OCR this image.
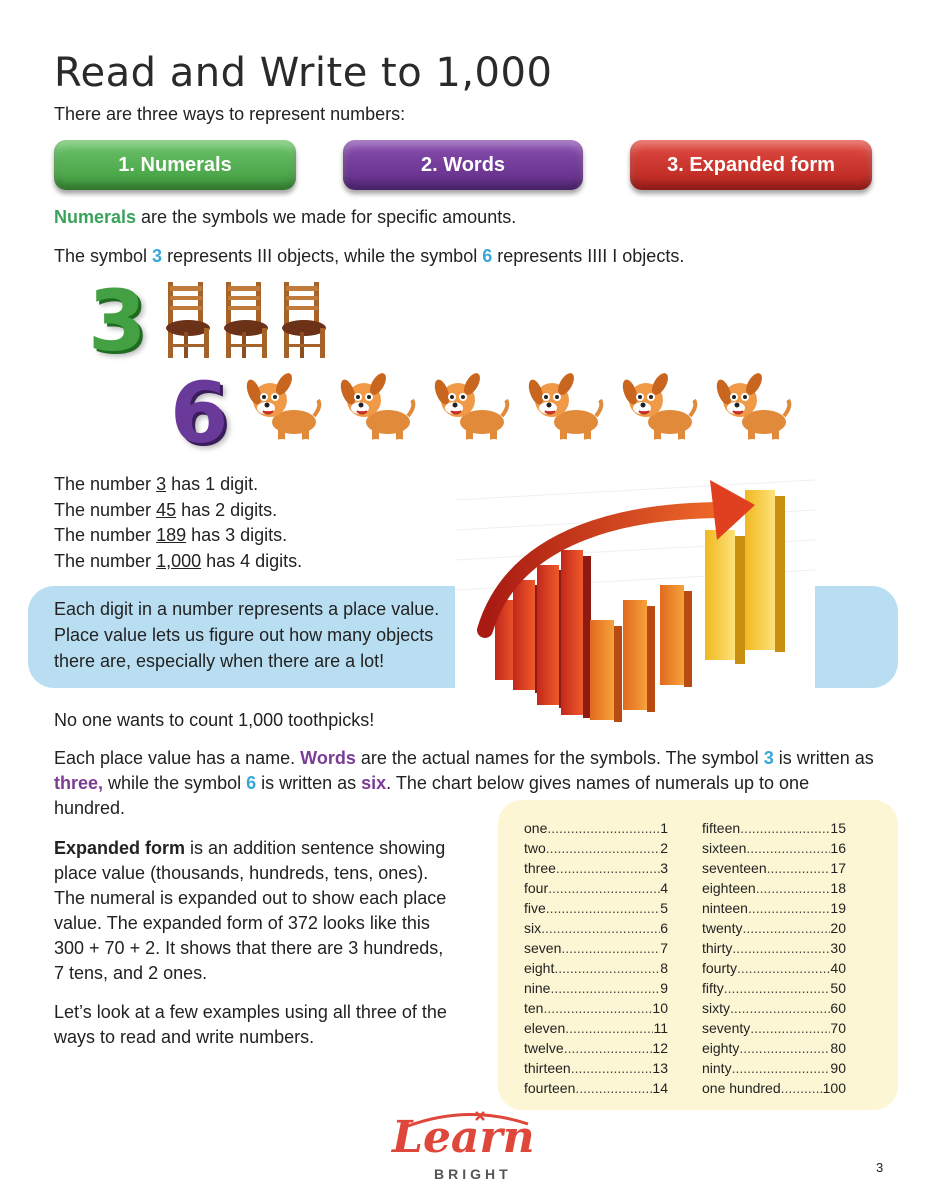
Read and Write to 1,000
There are three ways to represent numbers:
1. Numerals	2. Words	3. Expanded form
Numerals are the symbols we made for specific amounts.
The symbol 3 represents III objects, while the symbol 6 represents IIII I objects.
3
6
The number 3 has 1 digit.
The number 45 has 2 digits.
The number 189 has 3 digits.
The number 1,000 has 4 digits.
Each digit in a number represents a place value.
Place value lets us figure out how many objects
there are, especially when there are a lot!
No one wants to count 1,000 toothpicks!
Each place value has a name. Words are the actual names for the symbols. The symbol 3 is written as
three, while the symbol 6 is written as six. The chart below gives names of numerals up to one hundred.
one .....	1
two .....	2
three .....	3
four .....	4
five .....	5
six .....	6
seven .....	7
eight .....	8
nine .....	9
ten .....	10
eleven .....	11
twelve .....	12
thirteen .....	13
fourteen .....	14
fifteen .....	15
sixteen .....	16
seventeen .....	17
eighteen .....	18
ninteen .....	19
twenty .....	20
thirty .....	30
fourty .....	40
fifty .....	50
sixty .....	60
seventy .....	70
eighty .....	80
ninty .....	90
one hundred .....	100
Expanded form is an addition sentence showing place value (thousands, hundreds, tens, ones). The numeral is expanded out to show each place value. The expanded form of 372 looks like this 300 + 70 + 2. It shows that there are 3 hundreds, 7 tens, and 2 ones.
Let’s look at a few examples using all three of the ways to read and write numbers.
Learn
BRIGHT	3
